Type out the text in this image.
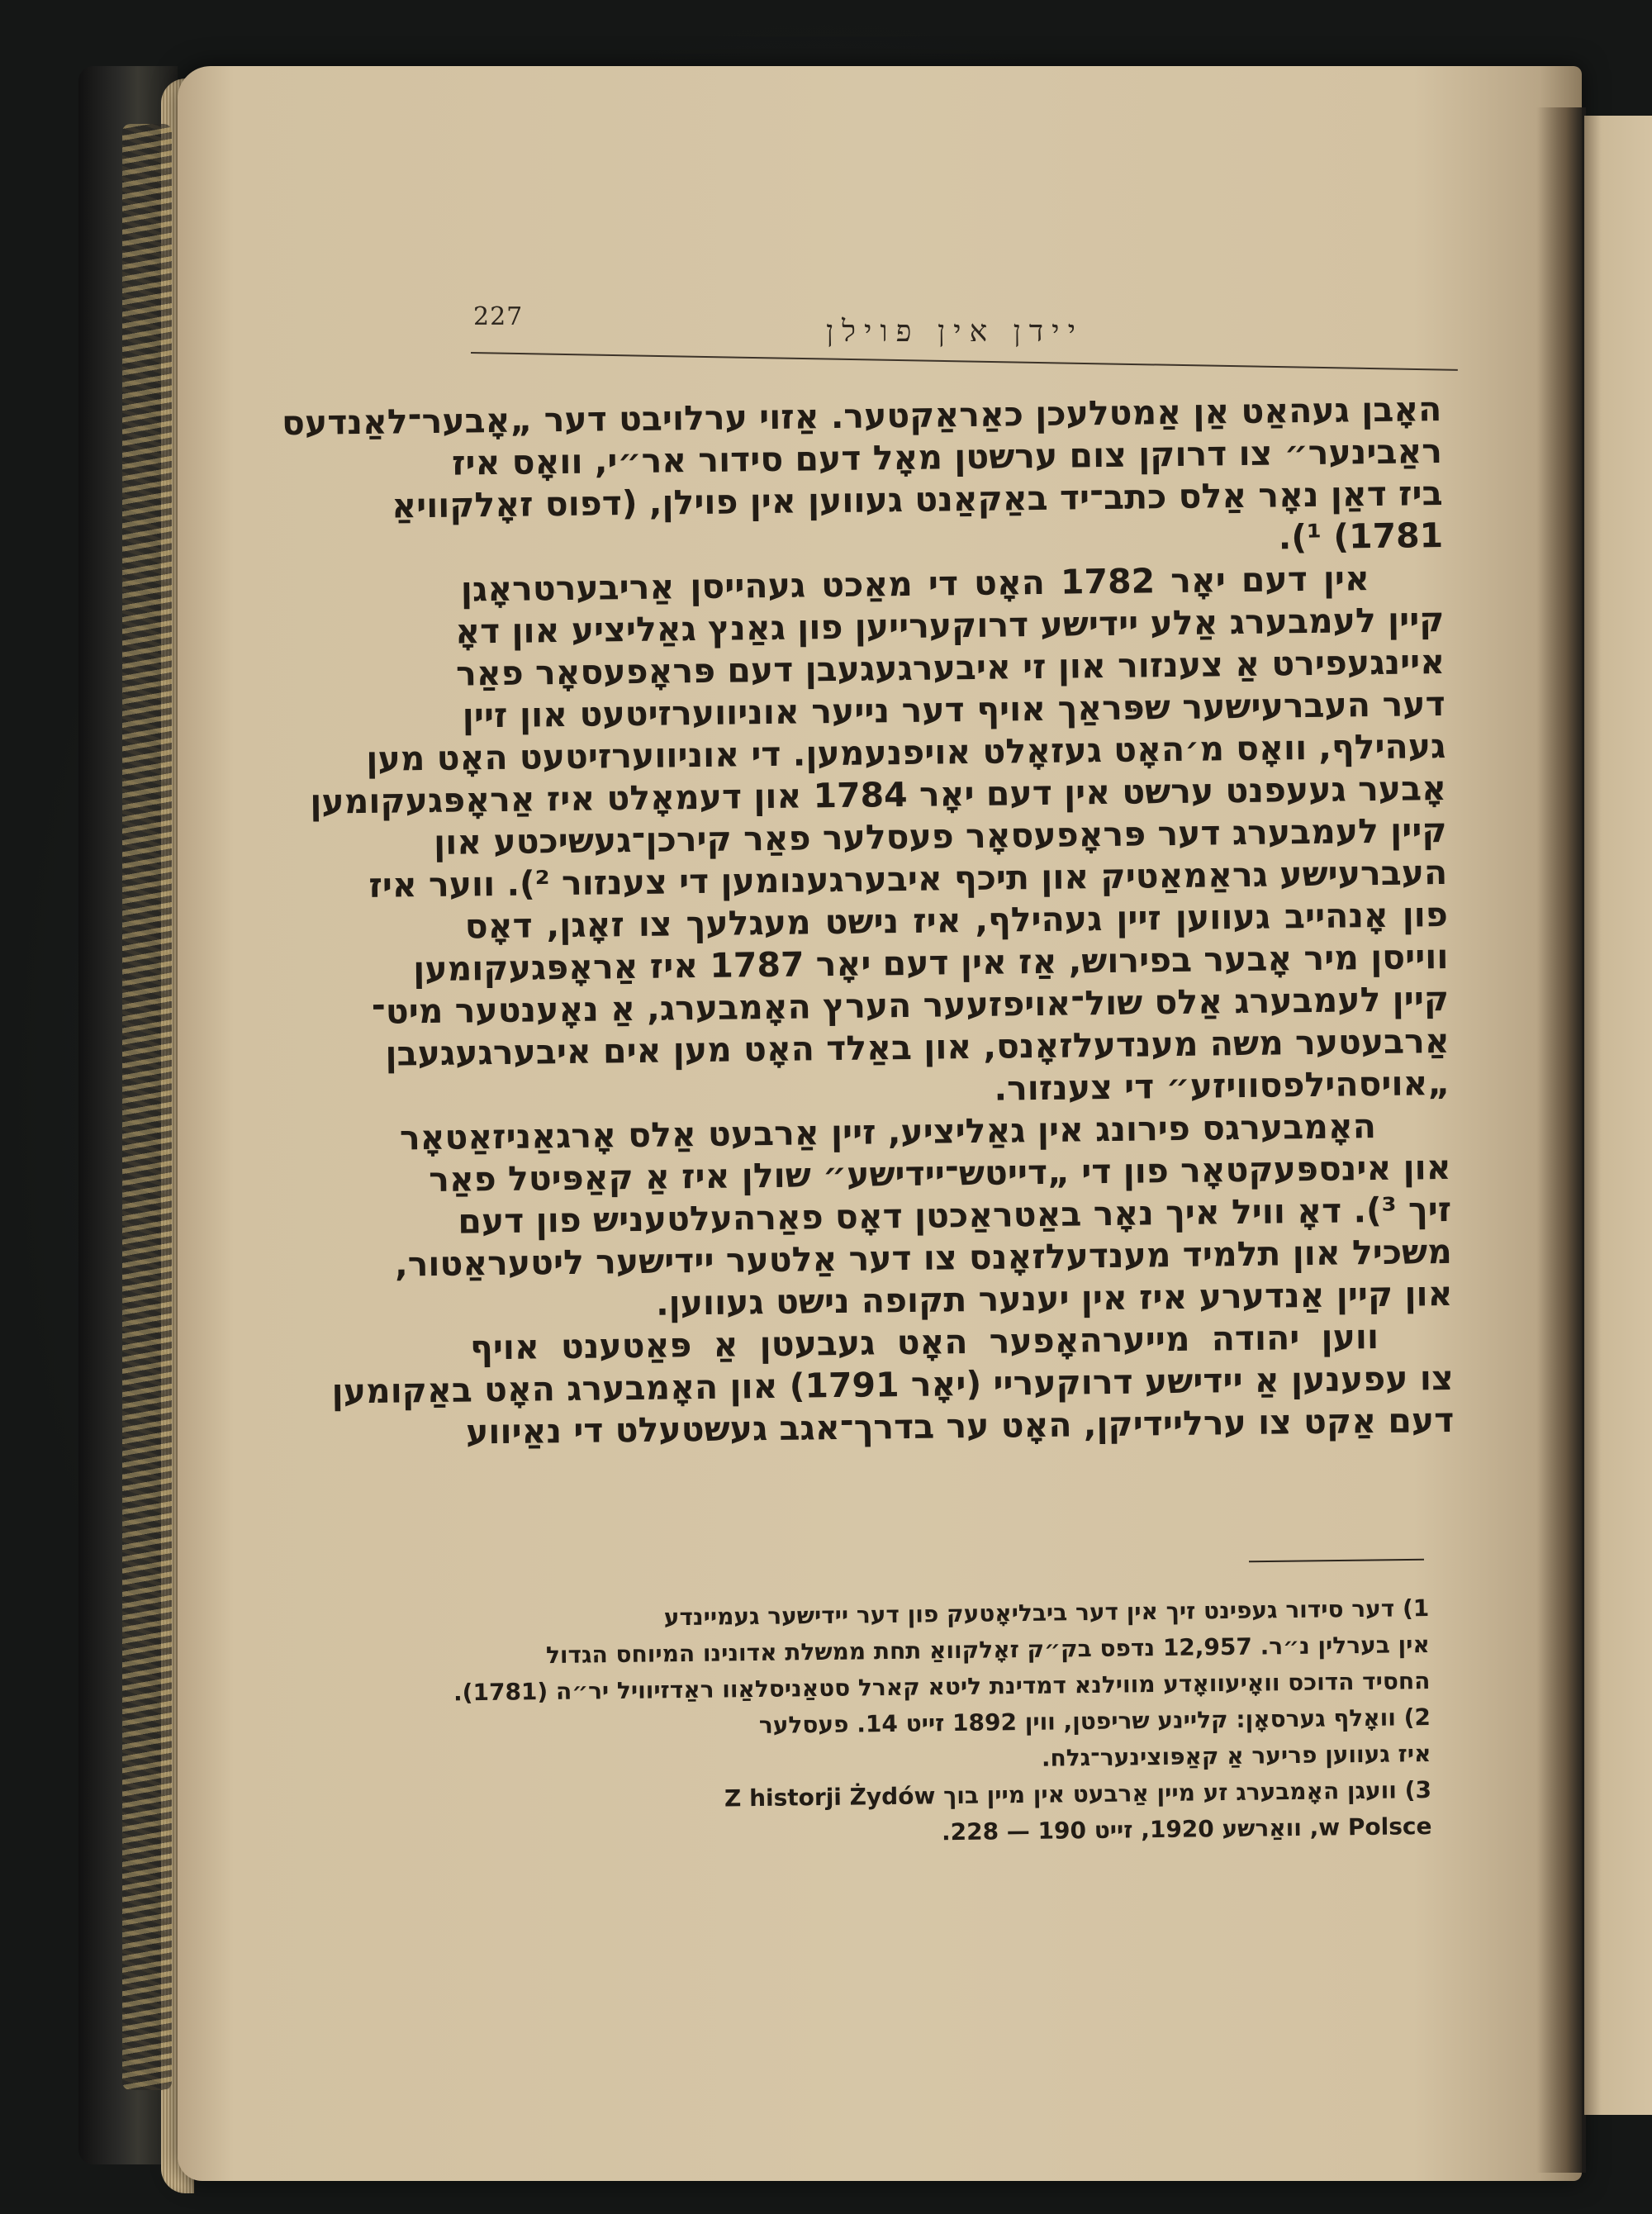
227	יידן אין פוילן
האָבן געהאַט אַן אַמטלעכן כאַראַקטער. אַזוי ערלויבט דער „אָבער־לאַנדעס
ראַבינער״ צו דרוקן צום ערשטן מאָל דעם סידור אר״י, וואָס איז
ביז דאַן נאָר אַלס כתב־יד באַקאַנט געווען אין פוילן, (דפוס זאָלקוויאַ
1781) ¹).
אין דעם יאָר 1782 האָט די מאַכט געהייסן אַריבערטראָגן
קיין לעמבערג אַלע יידישע דרוקערייען פון גאַנץ גאַליציע און דאָ
איינגעפירט אַ צענזור און זי איבערגעגעבן דעם פּראָפעסאָר פאַר
דער העברעישער שפּראַך אויף דער נייער אוניווערזיטעט און זיין
געהילף, וואָס מ׳האָט געזאָלט אויפנעמען. די אוניווערזיטעט האָט מען
אָבער געעפנט ערשט אין דעם יאָר 1784 און דעמאָלט איז אַראָפּגעקומען
קיין לעמבערג דער פּראָפעסאָר פעסלער פאַר קירכן־געשיכטע און
העברעישע גראַמאַטיק און תיכף איבערגענומען די צענזור ²). ווער איז
פון אָנהייב געווען זיין געהילף, איז נישט מעגלעך צו זאָגן, דאָס
ווייסן מיר אָבער בפירוש, אַז אין דעם יאָר 1787 איז אַראָפּגעקומען
קיין לעמבערג אַלס שול־אויפזעער הערץ האָמבערג, אַ נאָענטער מיט־
אַרבעטער משה מענדעלזאָנס, און באַלד האָט מען אים איבערגעגעבן
„אויסהילפסוויזע״ די צענזור.
האָמבערגס פירונג אין גאַליציע, זיין אַרבעט אַלס אָרגאַניזאַטאָר
און אינספּעקטאָר פון די „דייטש־יידישע״ שולן איז אַ קאַפּיטל פאַר
זיך ³). דאָ וויל איך נאָר באַטראַכטן דאָס פאַרהעלטעניש פון דעם
משכיל און תלמיד מענדעלזאָנס צו דער אַלטער יידישער ליטעראַטור,
און קיין אַנדערע איז אין יענער תקופה נישט געווען.
ווען יהודה מייערהאָפער האָט געבעטן אַ פּאַטענט אויף
צו עפענען אַ יידישע דרוקעריי (יאָר 1791) און האָמבערג האָט באַקומען
דעם אַקט צו ערליידיקן, האָט ער בדרך־אגב געשטעלט די נאַיווע
1) דער סידור געפינט זיך אין דער ביבליאָטעק פון דער יידישער געמיינדע
אין בערלין נ״ר. 12,957 נדפס בק״ק זאָלקוואַ תחת ממשלת אדונינו המיוחס הגדול
החסיד הדוכס וואָיעוואָדע מווילנא דמדינת ליטא קארל סטאַניסלאַוו ראַדזיוויל יר״ה (1781).
2) וואָלף גערסאָן: קליינע שריפטן, ווין 1892 זייט 14. פעסלער
איז געווען פריער אַ קאַפּוצינער־גלח.
3) וועגן האָמבערג זע מיין אַרבעט אין מיין בוך Z historji Żydów
w Polsce, וואַרשע 1920, זייט 190 — 228.
